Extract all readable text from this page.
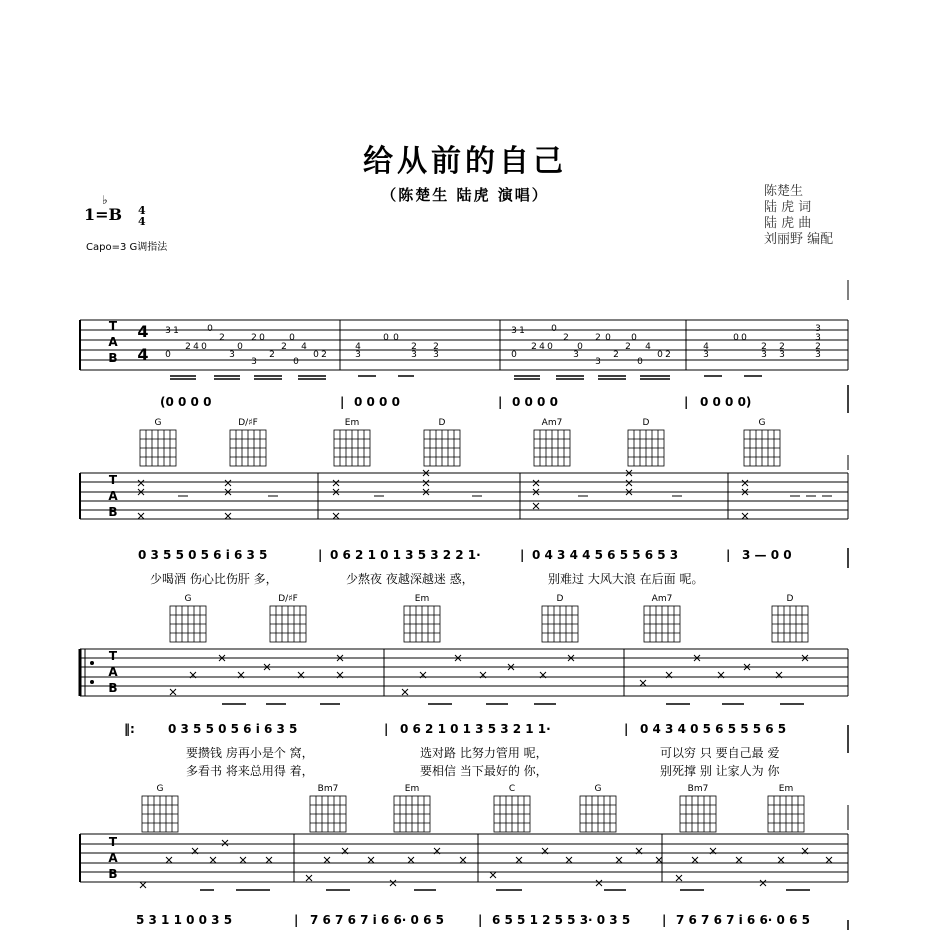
给从前的自己
（陈楚生 陆虎 演唱）	陈楚生
陆 虎 词
陆 虎 曲
刘丽野 编配
1=
♭
B 4
4
Capo=3 G调指法
T
A
B
T
A
B
T
A
B
T
A
B
4
4
3 1	0
2 4 0
2
0
0	3
2 0
2
3
0
2 4
0 2
0
4
3
0 0
2
3
2
3
3 1	0
2 4 0
2
0
0	3
2 0
2
3
0
2 4
0 2
0
4
3
0 0
2
3
2
3
3
3
2
3
G	D/♯F	Em	D	Am7	D	G
G	D/♯F	Em	D	Am7	D
G	Bm7	Em	C	G	Bm7	Em
(0 0 0 0	0 0 0 0	0 0 0 0	0 0 0 0)
|	|	|
0 3 5 5 0 5 6 i 6 3 5	0 6 2 1 0 1 3 5 3 2 2 1·	0 4 3 4 4 5 6 5 5 6 5 3	3 — 0 0
|	|	|
少喝酒 伤心比伤肝 多，	少熬夜 夜越深越迷 惑，	别难过 大风大浪 在后面 呢。
‖:	0 3 5 5 0 5 6 i 6 3 5	0 6 2 1 0 1 3 5 3 2 1 1·	0 4 3 4 0 5 6 5 5 5 6 5
|	|
要攒钱 房再小是个 窝，	选对路 比努力管用 呢，	可以穷 只 要自己最 爱
多看书 将来总用得 着，	要相信 当下最好的 你，	别死撑 别 让家人为 你
5 3 1 1 0 0 3 5	7 6 7 6 7 i 6 6· 0 6 5	6 5 5 1 2 5 5 3· 0 3 5	7 6 7 6 7 i 6 6· 0 6 5
|	|	|
